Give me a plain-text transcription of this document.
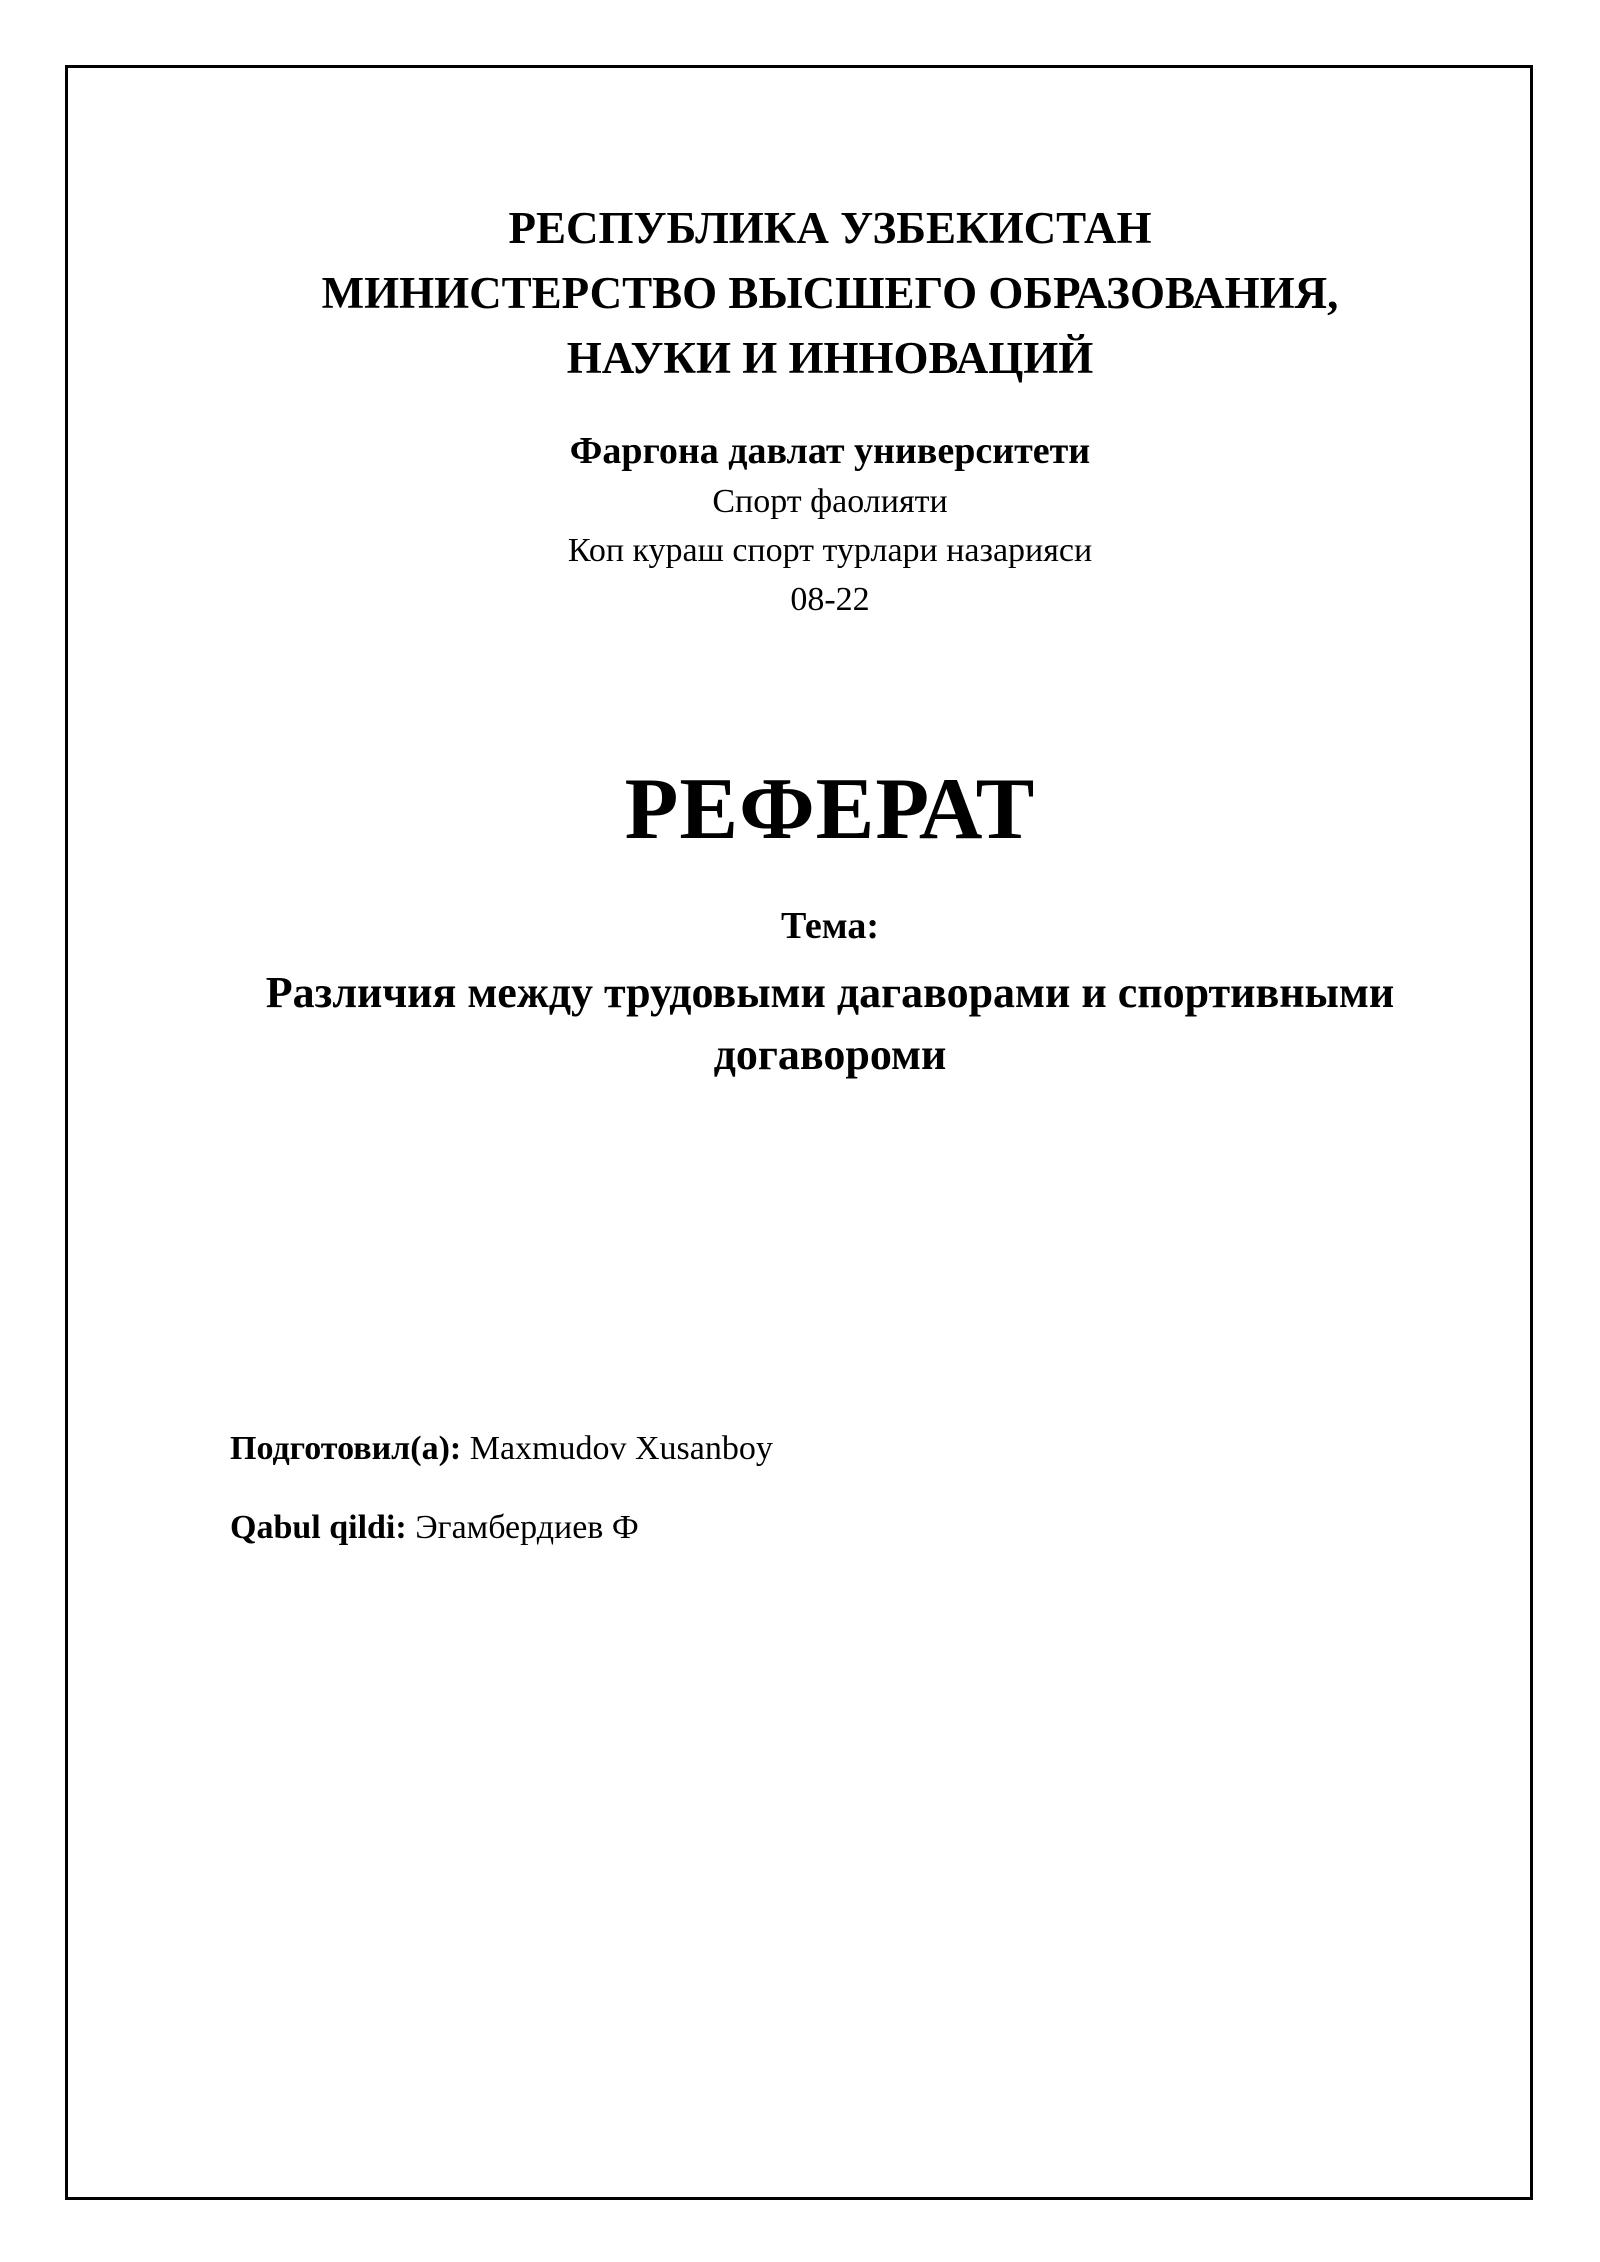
РЕСПУБЛИКА УЗБЕКИСТАН
МИНИСТЕРСТВО ВЫСШЕГО ОБРАЗОВАНИЯ,
НАУКИ И ИННОВАЦИЙ
Фаргона давлат университети
Спорт фаолияти
Коп кураш спорт турлари назарияси
08-22
РЕФЕРАТ
Тема:
Различия между трудовыми дагаворами и спортивными
догавороми
Подготовил(а): Maxmudov Xusanboy
Qabul qildi: Эгамбердиев Ф
